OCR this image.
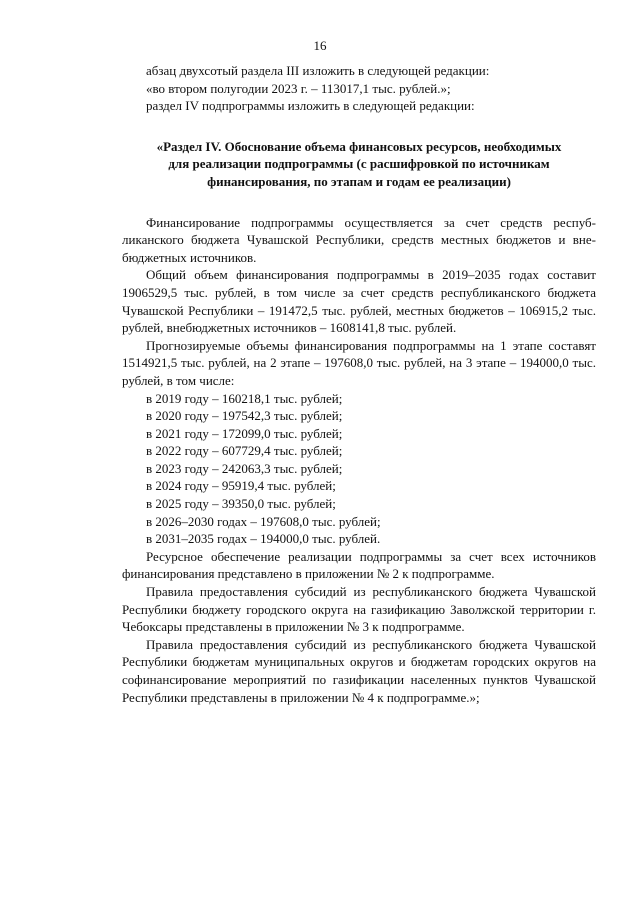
16

абзац двухсотый раздела III изложить в следующей редакции:

«во втором полугодии 2023 г. – 113017,1 тыс. рублей.»;

раздел IV подпрограммы изложить в следующей редакции:

«Раздел IV. Обоснование объема финансовых ресурсов, необходимых

для реализации подпрограммы (с расшифровкой по источникам

финансирования, по этапам и годам ее реализации)

Финансирование подпрограммы осуществляется за счет средств республиканского бюджета Чувашской Республики, средств местных бюджетов и внебюджетных источников.

Общий объем финансирования подпрограммы в 2019–2035 годах составит 1906529,5 тыс. рублей, в том числе за счет средств республиканского бюджета Чувашской Республики – 191472,5 тыс. рублей, местных бюджетов – 106915,2 тыс. рублей, внебюджетных источников – 1608141,8 тыс. рублей.

Прогнозируемые объемы финансирования подпрограммы на 1 этапе составят 1514921,5 тыс. рублей, на 2 этапе – 197608,0 тыс. рублей, на 3 этапе – 194000,0 тыс. рублей, в том числе:

в 2019 году – 160218,1 тыс. рублей;

в 2020 году – 197542,3 тыс. рублей;

в 2021 году – 172099,0 тыс. рублей;

в 2022 году – 607729,4 тыс. рублей;

в 2023 году – 242063,3 тыс. рублей;

в 2024 году – 95919,4 тыс. рублей;

в 2025 году – 39350,0 тыс. рублей;

в 2026–2030 годах – 197608,0 тыс. рублей;

в 2031–2035 годах – 194000,0 тыс. рублей.

Ресурсное обеспечение реализации подпрограммы за счет всех источников финансирования представлено в приложении № 2 к подпрограмме.

Правила предоставления субсидий из республиканского бюджета Чувашской Республики бюджету городского округа на газификацию Заволжской территории г. Чебоксары представлены в приложении № 3 к подпрограмме.

Правила предоставления субсидий из республиканского бюджета Чувашской Республики бюджетам муниципальных округов и бюджетам городских округов на софинансирование мероприятий по газификации населенных пунктов Чувашской Республики представлены в приложении № 4 к подпрограмме.»;
